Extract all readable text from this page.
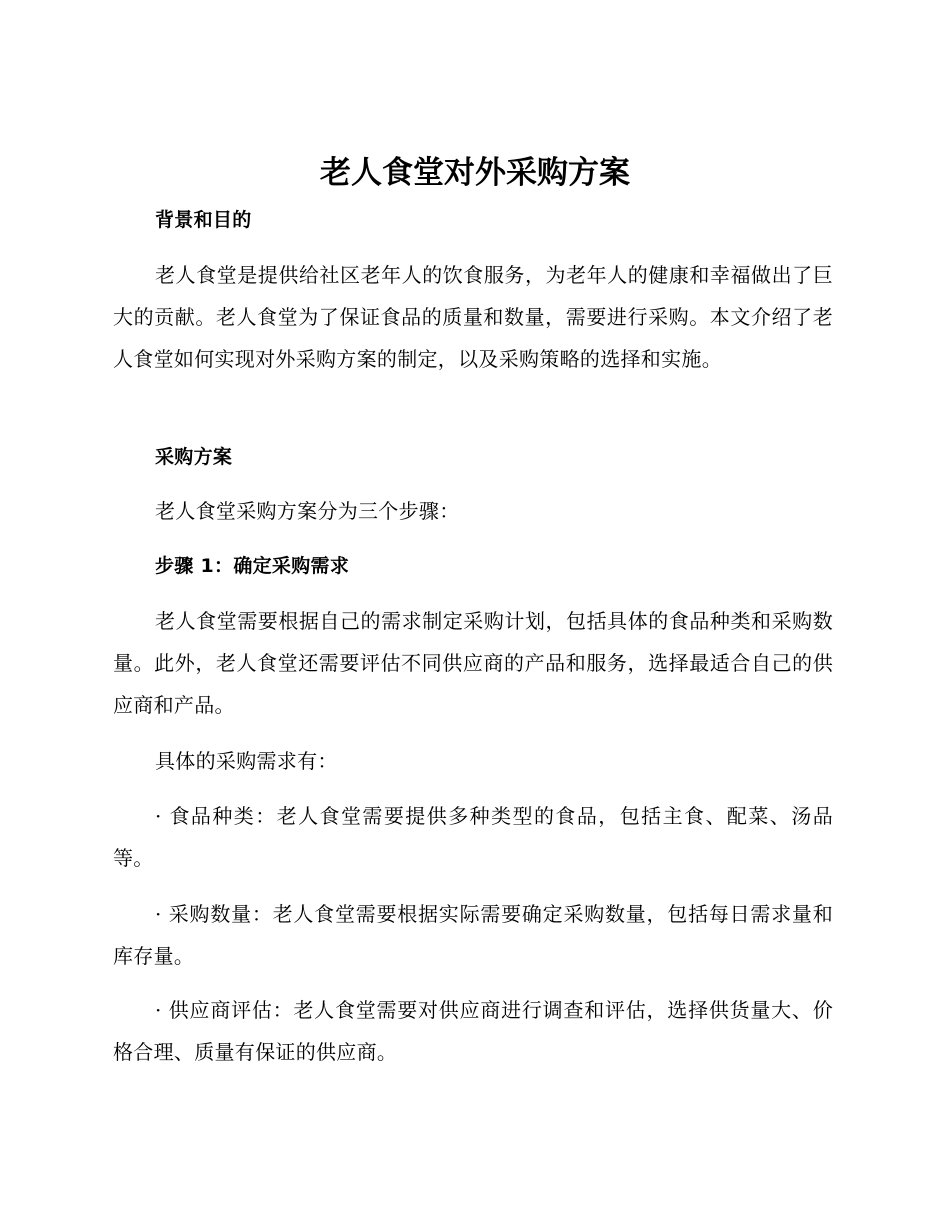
老人食堂对外采购方案

背景和目的

老人食堂是提供给社区老年人的饮食服务，为老年人的健康和幸福做出了巨大的贡献。老人食堂为了保证食品的质量和数量，需要进行采购。本文介绍了老人食堂如何实现对外采购方案的制定，以及采购策略的选择和实施。

采购方案

老人食堂采购方案分为三个步骤：

步骤 1：确定采购需求

老人食堂需要根据自己的需求制定采购计划，包括具体的食品种类和采购数量。此外，老人食堂还需要评估不同供应商的产品和服务，选择最适合自己的供应商和产品。

具体的采购需求有：

· 食品种类：老人食堂需要提供多种类型的食品，包括主食、配菜、汤品等。

· 采购数量：老人食堂需要根据实际需要确定采购数量，包括每日需求量和库存量。

· 供应商评估：老人食堂需要对供应商进行调查和评估，选择供货量大、价格合理、质量有保证的供应商。
